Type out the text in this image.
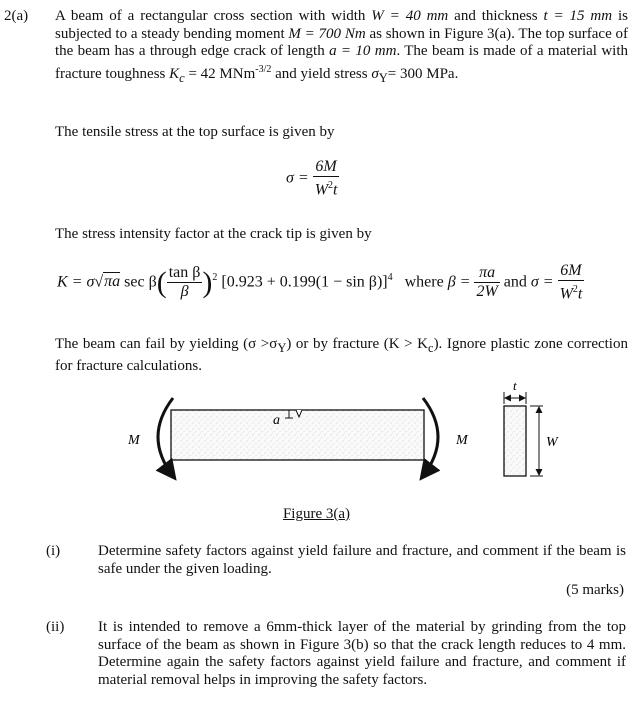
2(a) A beam of a rectangular cross section with width W = 40 mm and thickness t = 15 mm is subjected to a steady bending moment M = 700 Nm as shown in Figure 3(a). The top surface of the beam has a through edge crack of length a = 10 mm. The beam is made of a material with fracture toughness $K_c = 42$ MNm$^{-3/2}$ and yield stress $\sigma_Y= 300$ MPa.
The tensile stress at the top surface is given by
$\sigma = \frac{6M}{W^2t}$
The stress intensity factor at the crack tip is given by
K = σ√πa $\sec \beta( \frac{\text{tan β}}{\beta} )^2$ $[0.923 + 0.199(1 - \sin \beta)]^4$ where $\beta = \frac{\pi a}{2W}$ and $\sigma = \frac{6M}{W^2t}$
The beam can fail by yielding $(\sigma >\sigma_Y)$ or by fracture $(K > K_c)$. Ignore plastic zone correction for fracture calculations.
M	M
a
t
W
Figure 3(a)
(i)	Determine safety factors against yield failure and fracture, and comment if the beam is safe under the given loading.
(5 marks)
(ii) It is intended to remove a 6mm-thick layer of the material by grinding from the top surface of the beam as shown in Figure 3(b) so that the crack length reduces to 4 mm. Determine again the safety factors against yield failure and fracture, and comment if material removal helps in improving the safety factors.
